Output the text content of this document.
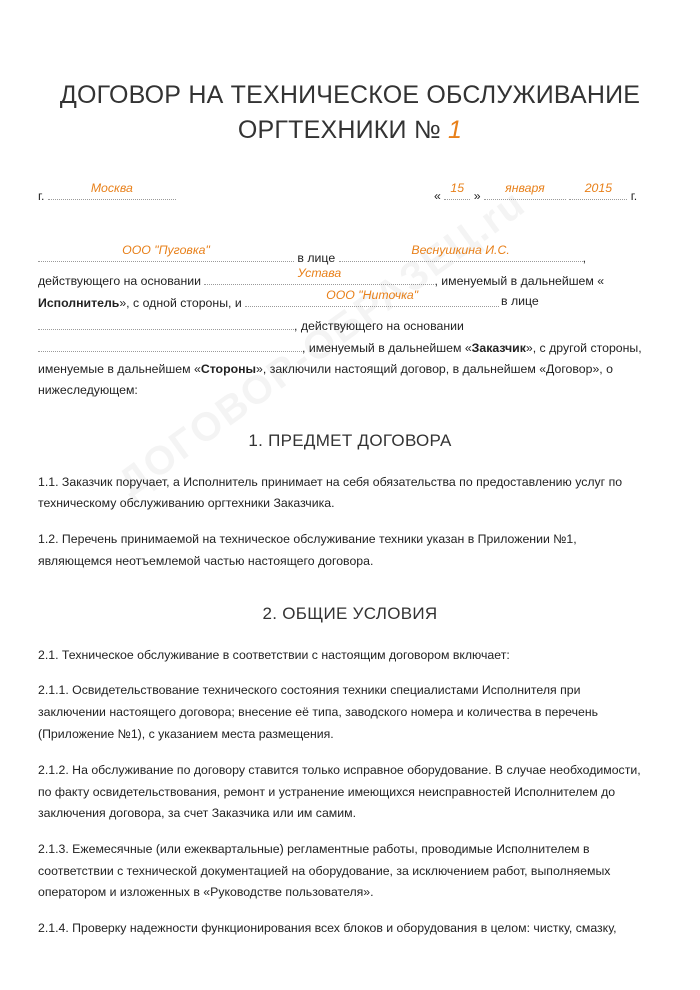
ДОГОВОР НА ТЕХНИЧЕСКОЕ ОБСЛУЖИВАНИЕ
ОРГТЕХНИКИ № 1
г.
Москва
«
15
»
января
	2015
г.
ООО "Пуговка"
в лице
Веснушкина И.С.
,
действующего на основании
Устава
, именуемый в дальнейшем «
Исполнитель», с одной стороны, и
ООО "Ниточка"	в лице
, действующего на основании
, именуемый в дальнейшем «Заказчик», с другой стороны,
именуемые в дальнейшем «Стороны», заключили настоящий договор, в дальнейшем «Договор», о
нижеследующем:
1. ПРЕДМЕТ ДОГОВОРА
1.1. Заказчик поручает, а Исполнитель принимает на себя обязательства по предоставлению услуг по
техническому обслуживанию оргтехники Заказчика.
1.2. Перечень принимаемой на техническое обслуживание техники указан в Приложении №1,
являющемся неотъемлемой частью настоящего договора.
2. ОБЩИЕ УСЛОВИЯ
2.1. Техническое обслуживание в соответствии с настоящим договором включает:
2.1.1. Освидетельствование технического состояния техники специалистами Исполнителя при
заключении настоящего договора; внесение её типа, заводского номера и количества в перечень
(Приложение №1), с указанием места размещения.
2.1.2. На обслуживание по договору ставится только исправное оборудование. В случае необходимости,
по факту освидетельствования, ремонт и устранение имеющихся неисправностей Исполнителем до
заключения договора, за счет Заказчика или им самим.
2.1.3. Ежемесячные (или ежеквартальные) регламентные работы, проводимые Исполнителем в
соответствии с технической документацией на оборудование, за исключением работ, выполняемых
оператором и изложенных в «Руководстве пользователя».
2.1.4. Проверку надежности функционирования всех блоков и оборудования в целом: чистку, смазку,
